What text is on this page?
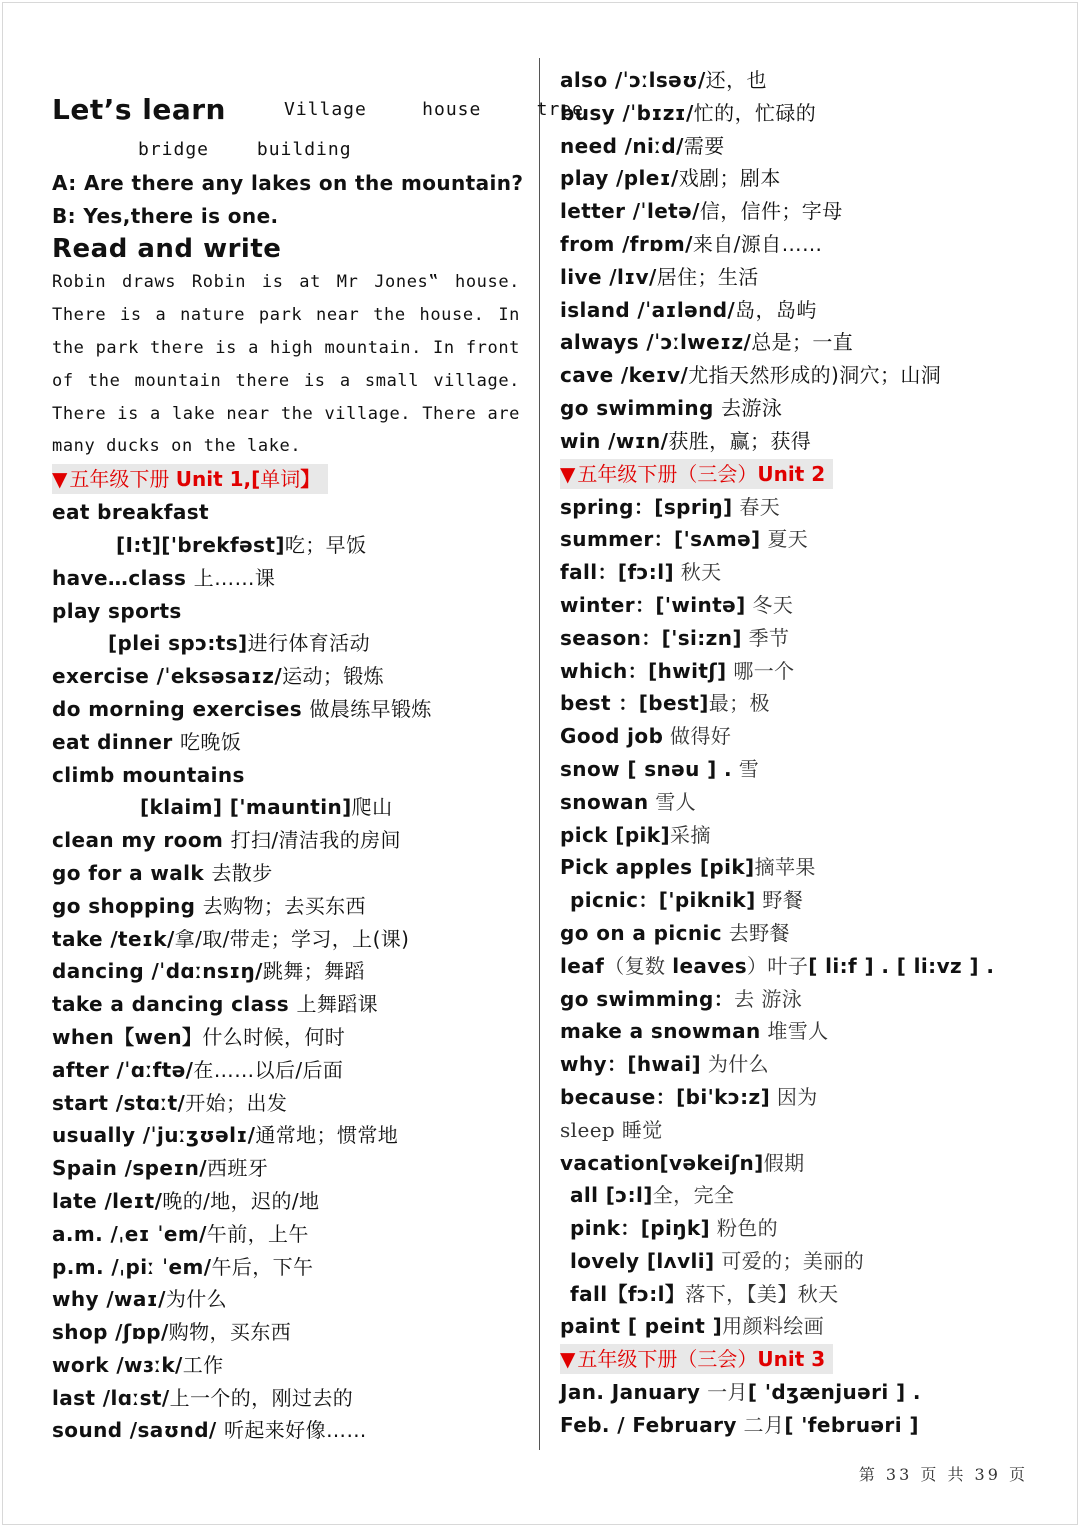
Let’s learn	Village house tree
bridge building
A: Are there any lakes on the mountain?
B: Yes,there is one.
Read and write
Robin draws Robin is at Mr Jones‟ house. There is a nature park near the house. In the park there is a high mountain. In front of the mountain there is a small village. There is a lake near the village. There are many ducks on the lake.
▼ 五年级下册 Unit 1,[单词】
eat breakfast
[I:t]['brekfəst]吃；早饭
have…class 上……课
play sports
[plei spɔ:ts]进行体育活动
exercise /ˈeksəsaɪz/运动；锻炼
do morning exercises 做晨练早锻炼
eat dinner 吃晚饭
climb mountains
[klaim] ['mauntin]爬山
clean my room 打扫/清洁我的房间
go for a walk 去散步
go shopping 去购物；去买东西
take /teɪk/拿/取/带走；学习，上(课)
dancing /ˈdɑːnsɪŋ/跳舞；舞蹈
take a dancing class 上舞蹈课
when【wen】什么时候，何时
after /ˈɑːftə/在……以后/后面
start /stɑːt/开始；出发
usually /ˈjuːʒʊəlɪ/通常地；惯常地
Spain /speɪn/西班牙
late /leɪt/晚的/地，迟的/地
a.m. /ˌeɪ ˈem/午前，上午
p.m. /ˌpiː ˈem/午后，下午
why /waɪ/为什么
shop /ʃɒp/购物，买东西
work /wɜːk/工作
last /lɑːst/上一个的，刚过去的
sound /saʊnd/ 听起来好像……
also /ˈɔːlsəʊ/还，也
busy /ˈbɪzɪ/忙的，忙碌的
need /niːd/需要
play /pleɪ/戏剧；剧本
letter /ˈletə/信，信件；字母
from /frɒm/来自/源自……
live /lɪv/居住；生活
island /ˈaɪlənd/岛，岛屿
always /ˈɔːlweɪz/总是；一直
cave /keɪv/尤指天然形成的)洞穴；山洞
go swimming 去游泳
win /wɪn/获胜，赢；获得
▼ 五年级下册（三会）Unit 2
spring：[spriŋ] 春天
summer：['sʌmə] 夏天
fall：[fɔ:l] 秋天
winter：['wintə] 冬天
season：['si:zn] 季节
which：[hwitʃ] 哪一个
best ：[best]最；极
Good job 做得好
snow [ snəu ] . 雪
snowan 雪人
pick [pik]采摘
Pick apples [pik]摘苹果
picnic：['piknik] 野餐
go on a picnic 去野餐
leaf（复数 leaves）叶子[ li:f ] . [ li:vz ] .
go swimming：去 游泳
make a snowman 堆雪人
why：[hwai] 为什么
because：[bi'kɔ:z] 因为
sleep 睡觉
vacation[vəkeiʃn]假期
all [ɔ:l]全，完全
pink：[piŋk] 粉色的
lovely [lʌvli] 可爱的；美丽的
fall【fɔ:l】落下，【美】秋天
paint [ peint ]用颜料绘画
▼ 五年级下册（三会）Unit 3
Jan. January 一月[ 'dʒænjuəri ] .
Feb. / February 二月[ 'februəri ]
第 33 页 共 39 页
